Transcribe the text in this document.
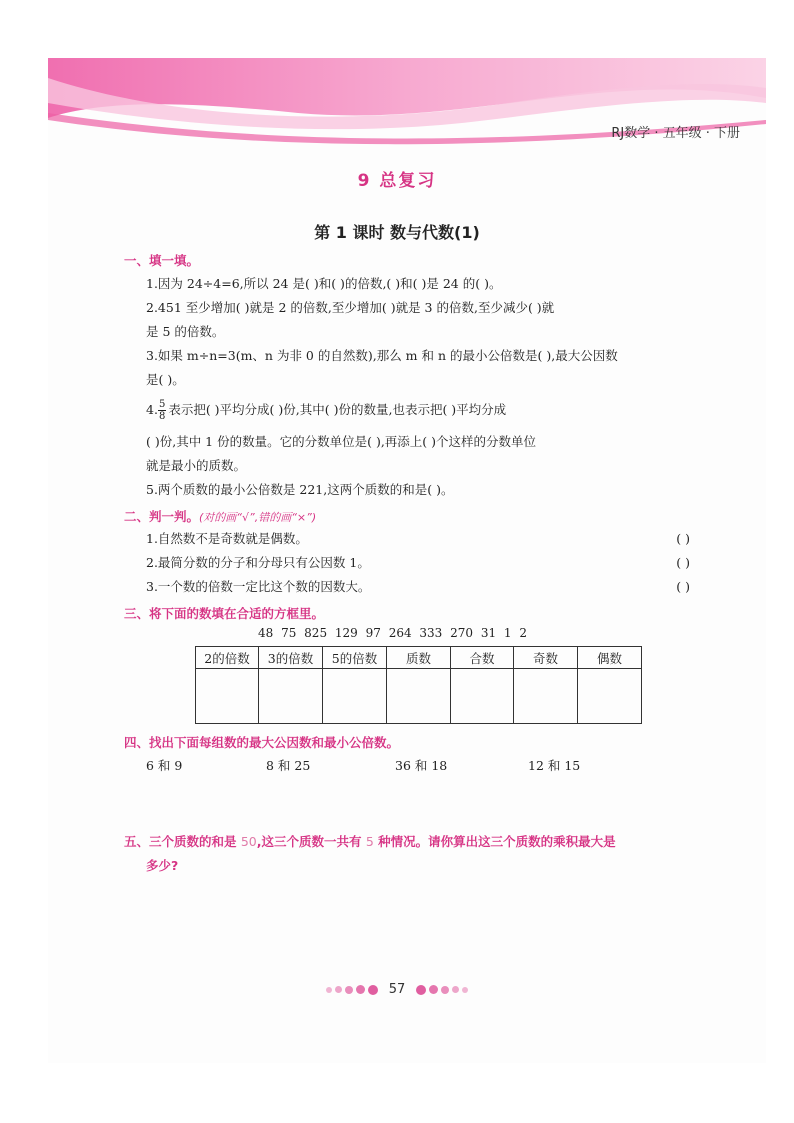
RJ数学 · 五年级 · 下册
9 总复习
第 1 课时 数与代数(1)
一、填一填。
1.因为 24÷4=6,所以 24 是( )和( )的倍数,( )和( )是 24 的( )。
2.451 至少增加( )就是 2 的倍数,至少增加( )就是 3 的倍数,至少减少( )就
是 5 的倍数。
3.如果 m÷n=3(m、n 为非 0 的自然数),那么 m 和 n 的最小公倍数是( ),最大公因数
是( )。
4. $\frac{5}{8}$ 表示把( )平均分成( )份,其中( )份的数量,也表示把( )平均分成
( )份,其中 1 份的数量。它的分数单位是( ),再添上( )个这样的分数单位
就是最小的质数。
5.两个质数的最小公倍数是 221,这两个质数的和是( )。
二、判一判。(对的画“√”,错的画“×”)
1.自然数不是奇数就是偶数。	( )
2.最简分数的分子和分母只有公因数 1。	( )
3.一个数的倍数一定比这个数的因数大。	( )
三、将下面的数填在合适的方框里。
48 75 825 129 97 264 333 270 31 1 2
2的倍数	3的倍数	5的倍数	质数	合数	奇数	偶数

四、找出下面每组数的最大公因数和最小公倍数。
6 和 9	8 和 25	36 和 18	12 和 15
五、三个质数的和是 50,这三个质数一共有 5 种情况。请你算出这三个质数的乘积最大是
多少?
57
